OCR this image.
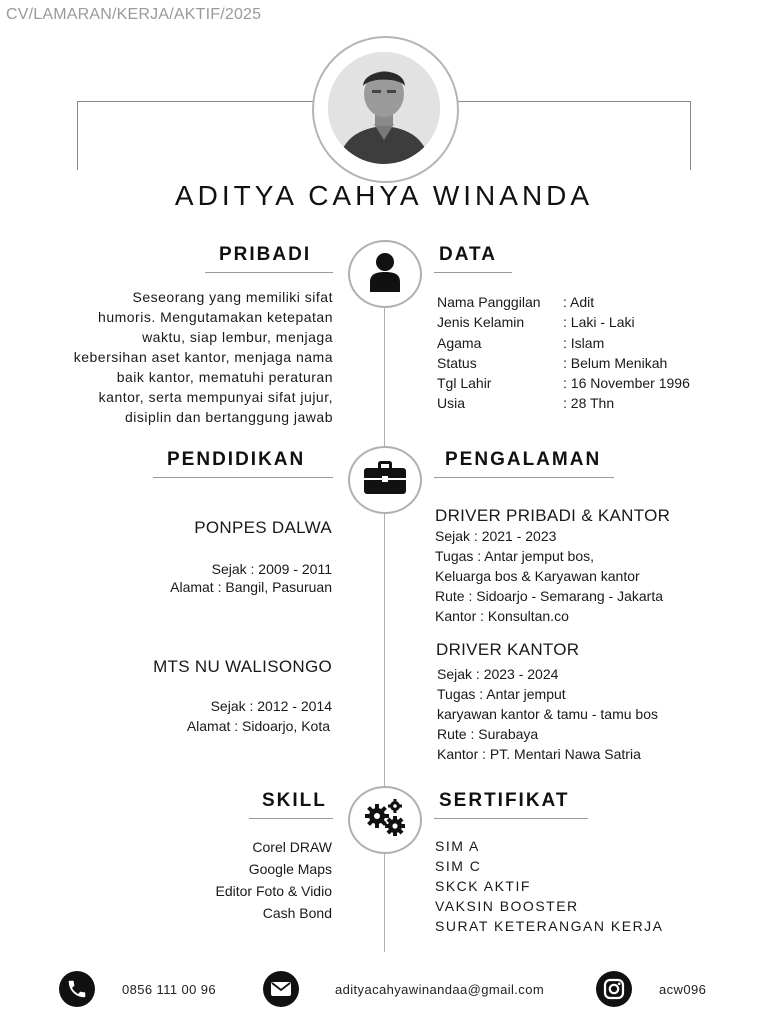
CV/LAMARAN/KERJA/AKTIF/2025
ADITYA CAHYA WINANDA
PRIBADI
Seseorang yang memiliki sifat
humoris. Mengutamakan ketepatan
waktu, siap lembur, menjaga
kebersihan aset kantor, menjaga nama
baik kantor, mematuhi peraturan
kantor, serta mempunyai sifat jujur,
disiplin dan bertanggung jawab
DATA
Nama Panggilan : Adit
Jenis Kelamin	: Laki - Laki
Agama	: Islam
Status	: Belum Menikah
Tgl Lahir	: 16 November 1996
Usia	: 28 Thn
PENDIDIKAN
PONPES DALWA
Sejak : 2009 - 2011
Alamat : Bangil, Pasuruan
MTS NU WALISONGO
Sejak : 2012 - 2014
Alamat : Sidoarjo, Kota
PENGALAMAN
DRIVER PRIBADI & KANTOR
Sejak : 2021 - 2023
Tugas : Antar jemput bos,
Keluarga bos & Karyawan kantor
Rute : Sidoarjo - Semarang - Jakarta
Kantor : Konsultan.co
DRIVER KANTOR
Sejak : 2023 - 2024
Tugas : Antar jemput
karyawan kantor & tamu - tamu bos
Rute : Surabaya
Kantor : PT. Mentari Nawa Satria
SKILL
Corel DRAW
Google Maps
Editor Foto & Vidio
Cash Bond
SERTIFIKAT
SIM A
SIM C
SKCK AKTIF
VAKSIN BOOSTER
SURAT KETERANGAN KERJA
0856 111 00 96	adityacahyawinandaa@gmail.com	acw096
